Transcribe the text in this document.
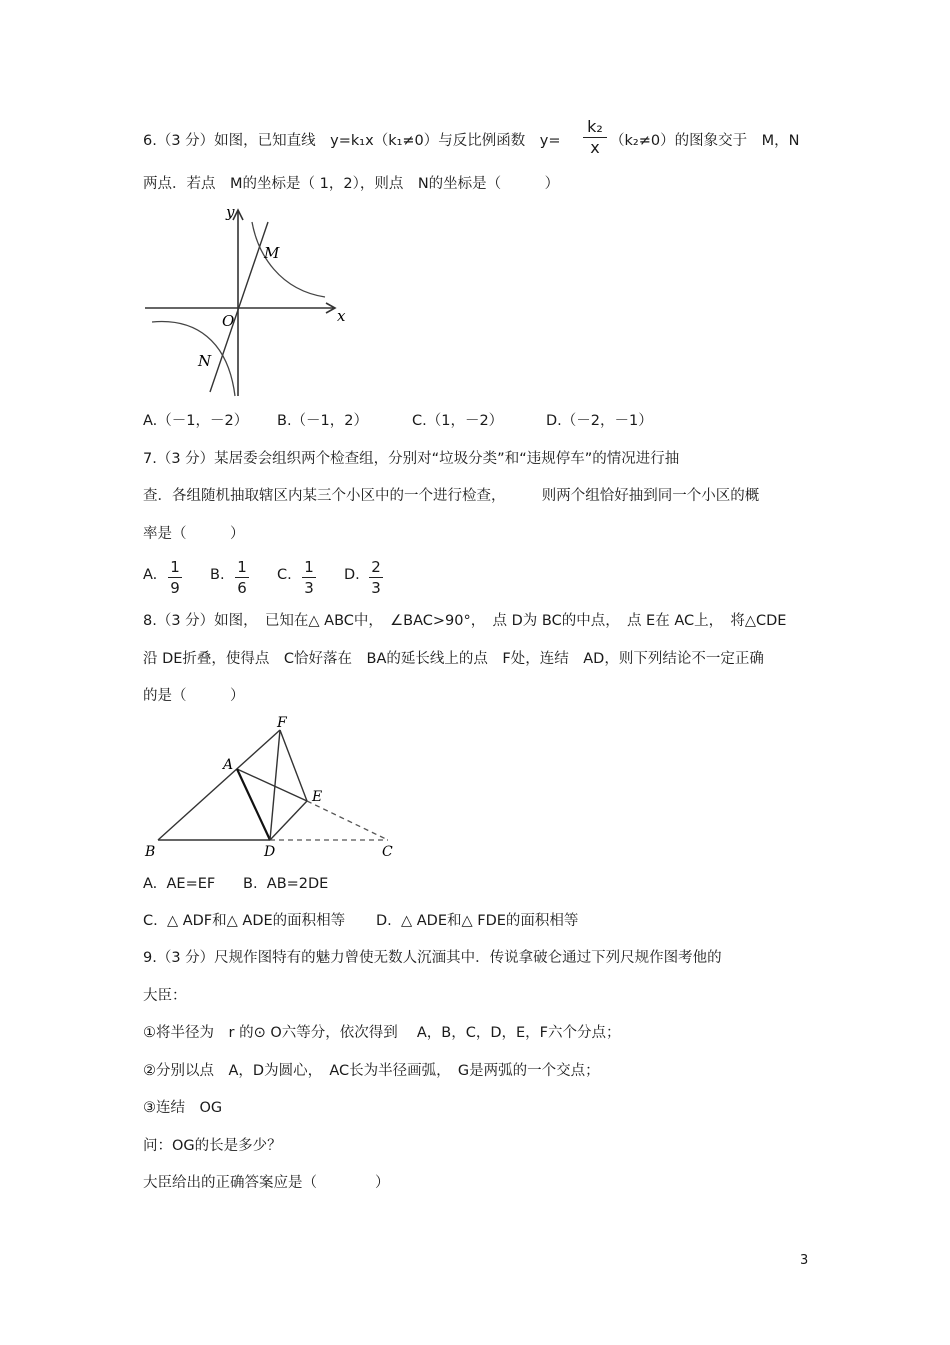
6.（3 分）如图，已知直线　y=k₁x（k₁≠0）与反比例函数　y=
k₂
x （k₂≠0）的图象交于　M，N
两点．若点　M的坐标是（ 1，2），则点　N的坐标是（　　　）
y
x
O
M
N
A.（－1，－2） B.（－1，2）	C.（1，－2）	D.（－2，－1）
7.（3 分）某居委会组织两个检查组，分别对“垃圾分类”和“违规停车”的情况进行抽
查．各组随机抽取辖区内某三个小区中的一个进行检查，　　　则两个组恰好抽到同一个小区的概
率是（　　　）
A. 1
9
B. 1
6
C. 1
3
D. 2
3
8.（3 分）如图，　已知在△ ABC中，　∠BAC>90°，　点 D为 BC的中点，　点 E在 AC上，　将△CDE
沿 DE折叠，使得点　C恰好落在　BA的延长线上的点　F处，连结　AD，则下列结论不一定正确
的是（　　　）
F
A
E
B	D	C
A.  AE=EF B.  AB=2DE
C.  △ ADF和△ ADE的面积相等 D.  △ ADE和△ FDE的面积相等
9.（3 分）尺规作图特有的魅力曾使无数人沉湎其中．传说拿破仑通过下列尺规作图考他的
大臣：
①将半径为　r 的⊙ O六等分，依次得到　 A，B，C，D，E，F六个分点；
②分别以点　A，D为圆心，　AC长为半径画弧，　G是两弧的一个交点；
③连结　OG
问：OG的长是多少？
大臣给出的正确答案应是（　　　　）
3
